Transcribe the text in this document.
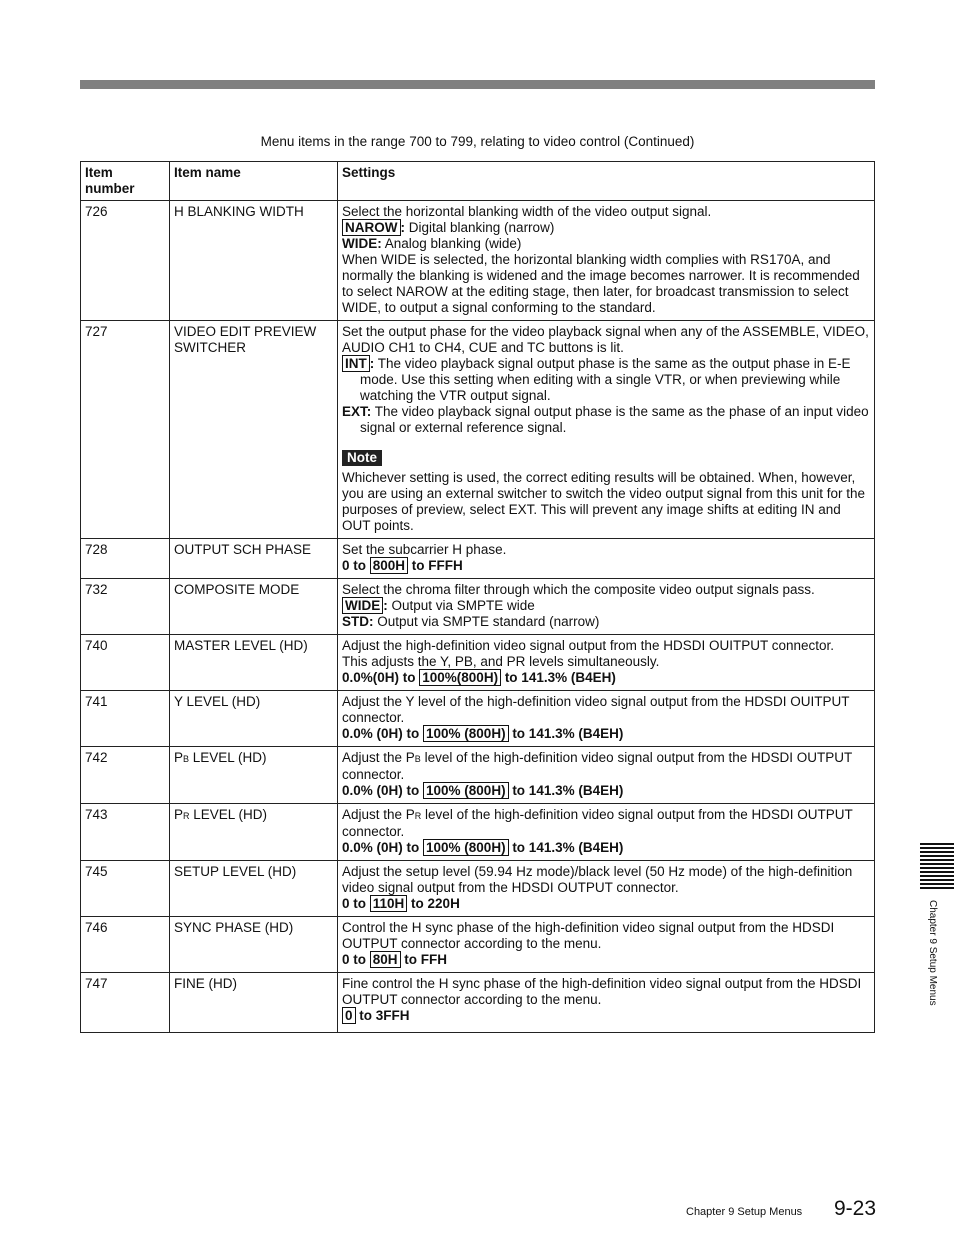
Menu items in the range 700 to 799, relating to video control (Continued)
Item number	Item name	Settings
726	H BLANKING WIDTH	Select the horizontal blanking width of the video output signal.
NAROW : Digital blanking (narrow)
WIDE: Analog blanking (wide)
When WIDE is selected, the horizontal blanking width complies with RS170A, and normally the blanking is widened and the image becomes narrower. It is recommended to select NAROW at the editing stage, then later, for broadcast transmission to select WIDE, to output a signal conforming to the standard.

727	VIDEO EDIT PREVIEW SWITCHER	Set the output phase for the video playback signal when any of the ASSEMBLE, VIDEO, AUDIO CH1 to CH4, CUE and TC buttons is lit.
INT : The video playback signal output phase is the same as the output phase in E-E mode. Use this setting when editing with a single VTR, or when previewing while watching the VTR output signal.
EXT: The video playback signal output phase is the same as the phase of an input video signal or external reference signal.
Note
Whichever setting is used, the correct editing results will be obtained. When, however, you are using an external switcher to switch the video output signal from this unit for the purposes of preview, select EXT. This will prevent any image shifts at editing IN and OUT points.

728	OUTPUT SCH PHASE	Set the subcarrier H phase.
0 to 800H to FFFH

732	COMPOSITE MODE	Select the chroma filter through which the composite video output signals pass.
WIDE : Output via SMPTE wide
STD: Output via SMPTE standard (narrow)

740	MASTER LEVEL (HD)	Adjust the high-definition video signal output from the HDSDI OUITPUT connector.
This adjusts the Y, PB, and PR levels simultaneously.
0.0%(0H) to 100%(800H) to 141.3% (B4EH)

741	Y LEVEL (HD)	Adjust the Y level of the high-definition video signal output from the HDSDI OUITPUT connector.
0.0% (0H) to 100% (800H) to 141.3% (B4EH)

742	PB LEVEL (HD)	Adjust the PB level of the high-definition video signal output from the HDSDI OUTPUT connector.
0.0% (0H) to 100% (800H) to 141.3% (B4EH)

743	PR LEVEL (HD)	Adjust the PR level of the high-definition video signal output from the HDSDI OUTPUT connector.
0.0% (0H) to 100% (800H) to 141.3% (B4EH)

745	SETUP LEVEL (HD)	Adjust the setup level (59.94 Hz mode)/black level (50 Hz mode) of the high-definition video signal output from the HDSDI OUTPUT connector.
0 to 110H to 220H

746	SYNC PHASE (HD)	Control the H sync phase of the high-definition video signal output from the HDSDI OUTPUT connector according to the menu.
0 to 80H to FFH

747	FINE (HD)	Fine control the H sync phase of the high-definition video signal output from the HDSDI OUTPUT connector according to the menu.
0 to 3FFH
Chapter 9 Setup Menus
Chapter 9 Setup Menus 9-23
